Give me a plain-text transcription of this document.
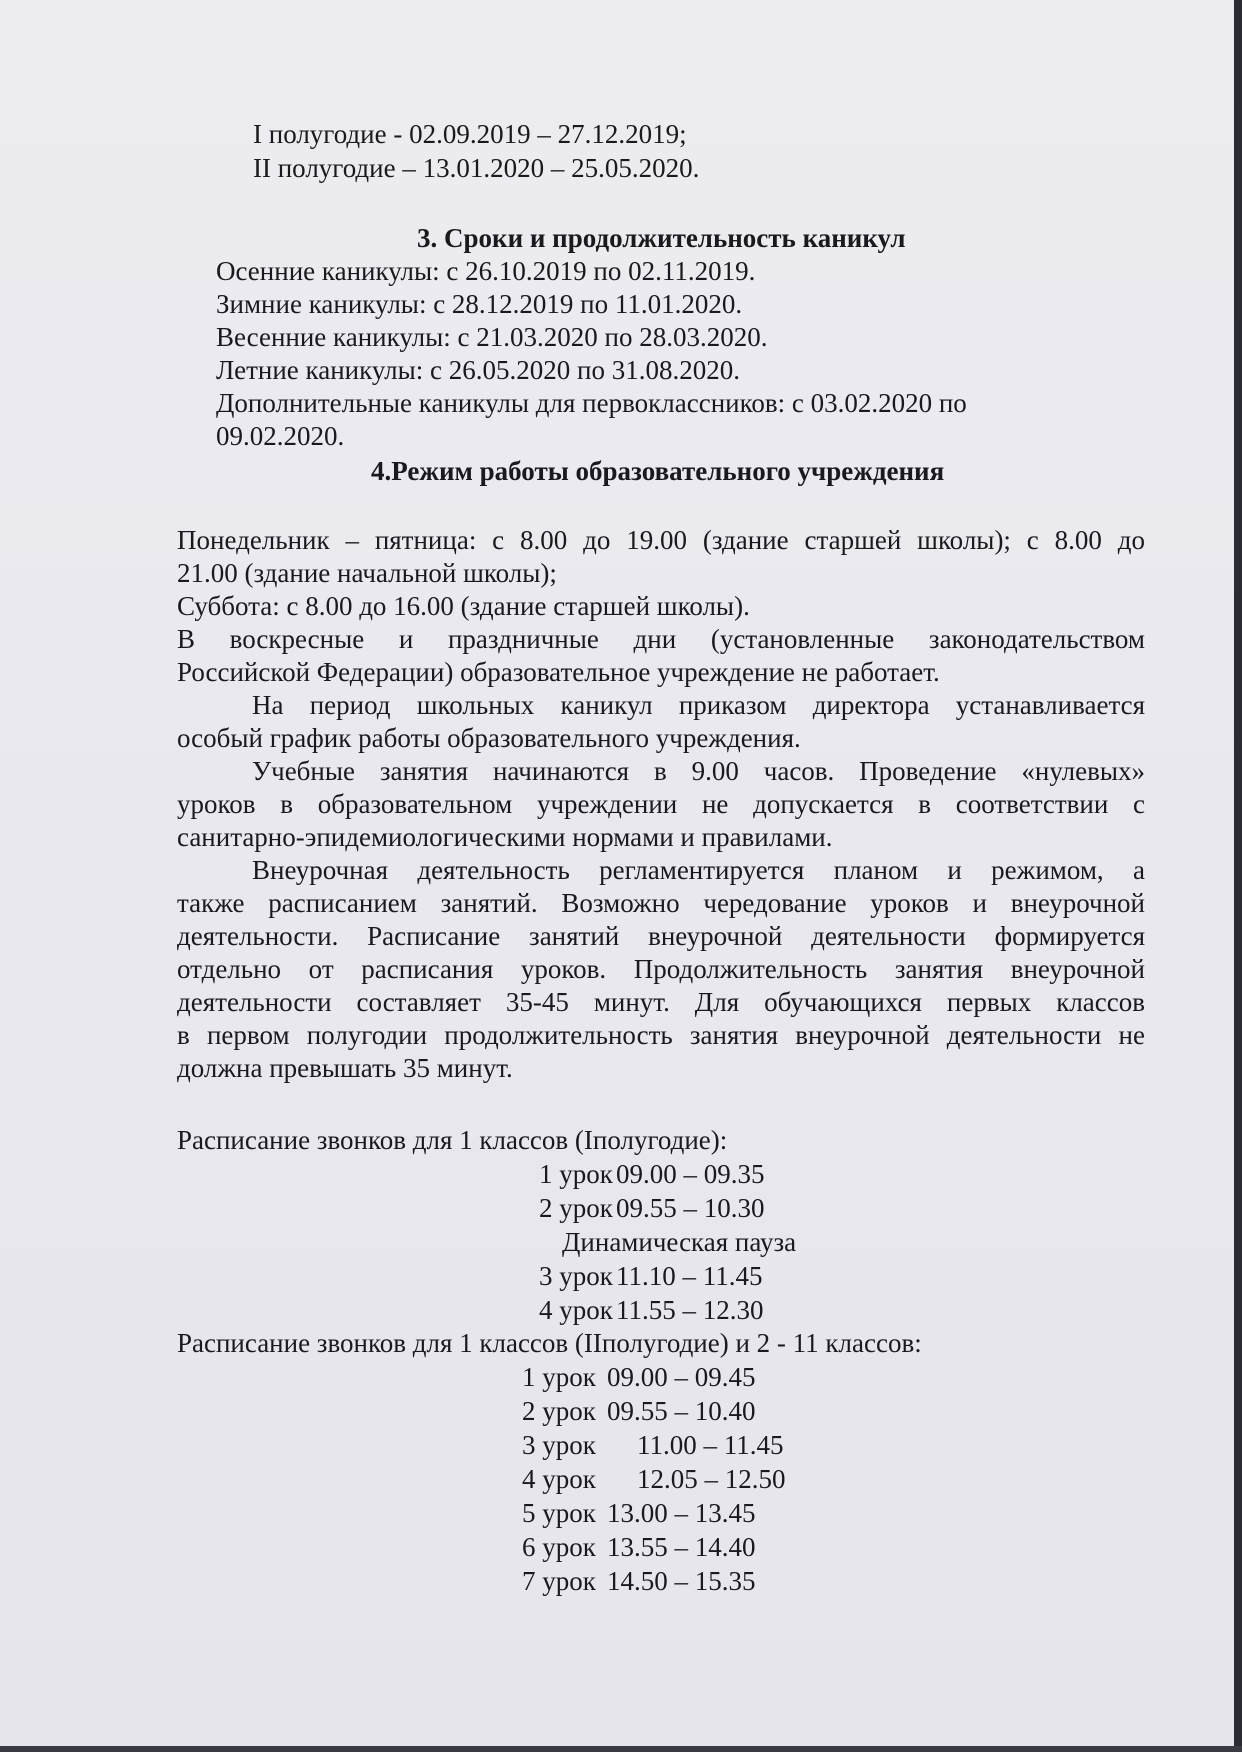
I полугодие - 02.09.2019 – 27.12.2019;
II полугодие – 13.01.2020 – 25.05.2020.
3. Сроки и продолжительность каникул
Осенние каникулы: с 26.10.2019 по 02.11.2019.
Зимние каникулы: с 28.12.2019 по 11.01.2020.
Весенние каникулы: с 21.03.2020 по 28.03.2020.
Летние каникулы: с 26.05.2020 по 31.08.2020.
Дополнительные каникулы для первоклассников: с 03.02.2020 по
09.02.2020.
4.Режим работы образовательного учреждения
Понедельник – пятница: с 8.00 до 19.00 (здание старшей школы); с 8.00 до
21.00 (здание начальной школы);
Суббота: с 8.00 до 16.00 (здание старшей школы).
В воскресные и праздничные дни (установленные законодательством
Российской Федерации) образовательное учреждение не работает.
На период школьных каникул приказом директора устанавливается
особый график работы образовательного учреждения.
Учебные занятия начинаются в 9.00 часов. Проведение «нулевых»
уроков в образовательном учреждении не допускается в соответствии с
санитарно-эпидемиологическими нормами и правилами.
Внеурочная деятельность регламентируется планом и режимом, а
также расписанием занятий. Возможно чередование уроков и внеурочной
деятельности. Расписание занятий внеурочной деятельности формируется
отдельно от расписания уроков. Продолжительность занятия внеурочной
деятельности составляет 35-45 минут. Для обучающихся первых классов
в первом полугодии продолжительность занятия внеурочной деятельности не
должна превышать 35 минут.
Расписание звонков для 1 классов (Iполугодие):
1 урок 09.00 – 09.35
2 урок 09.55 – 10.30
Динамическая пауза
3 урок 11.10 – 11.45
4 урок 11.55 – 12.30
Расписание звонков для 1 классов (IIполугодие) и 2 - 11 классов:
1 урок 09.00 – 09.45
2 урок 09.55 – 10.40
3 урок 11.00 – 11.45
4 урок 12.05 – 12.50
5 урок 13.00 – 13.45
6 урок 13.55 – 14.40
7 урок 14.50 – 15.35
